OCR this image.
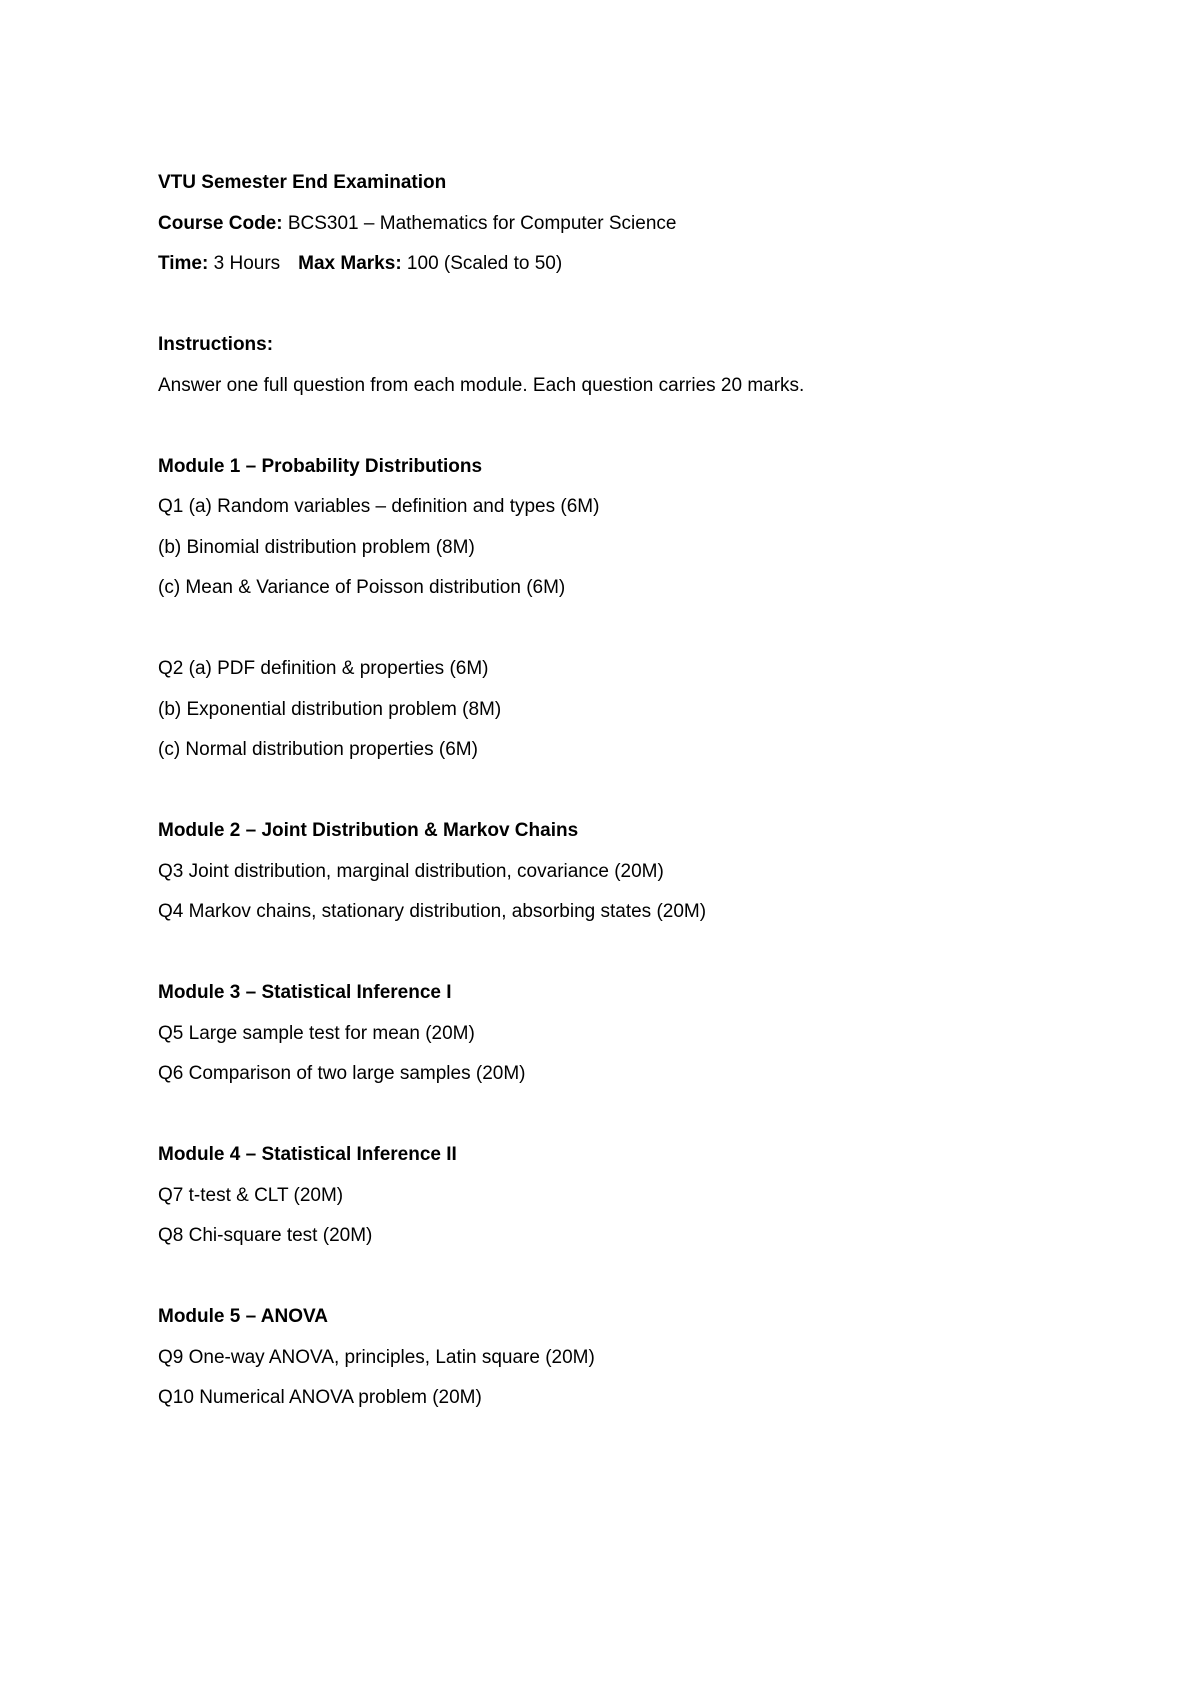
VTU Semester End Examination
Course Code: BCS301 – Mathematics for Computer Science
Time: 3 Hours Max Marks: 100 (Scaled to 50)
Instructions:
Answer one full question from each module. Each question carries 20 marks.
Module 1 – Probability Distributions
Q1 (a) Random variables – definition and types (6M)
(b) Binomial distribution problem (8M)
(c) Mean & Variance of Poisson distribution (6M)
Q2 (a) PDF definition & properties (6M)
(b) Exponential distribution problem (8M)
(c) Normal distribution properties (6M)
Module 2 – Joint Distribution & Markov Chains
Q3 Joint distribution, marginal distribution, covariance (20M)
Q4 Markov chains, stationary distribution, absorbing states (20M)
Module 3 – Statistical Inference I
Q5 Large sample test for mean (20M)
Q6 Comparison of two large samples (20M)
Module 4 – Statistical Inference II
Q7 t-test & CLT (20M)
Q8 Chi-square test (20M)
Module 5 – ANOVA
Q9 One-way ANOVA, principles, Latin square (20M)
Q10 Numerical ANOVA problem (20M)
